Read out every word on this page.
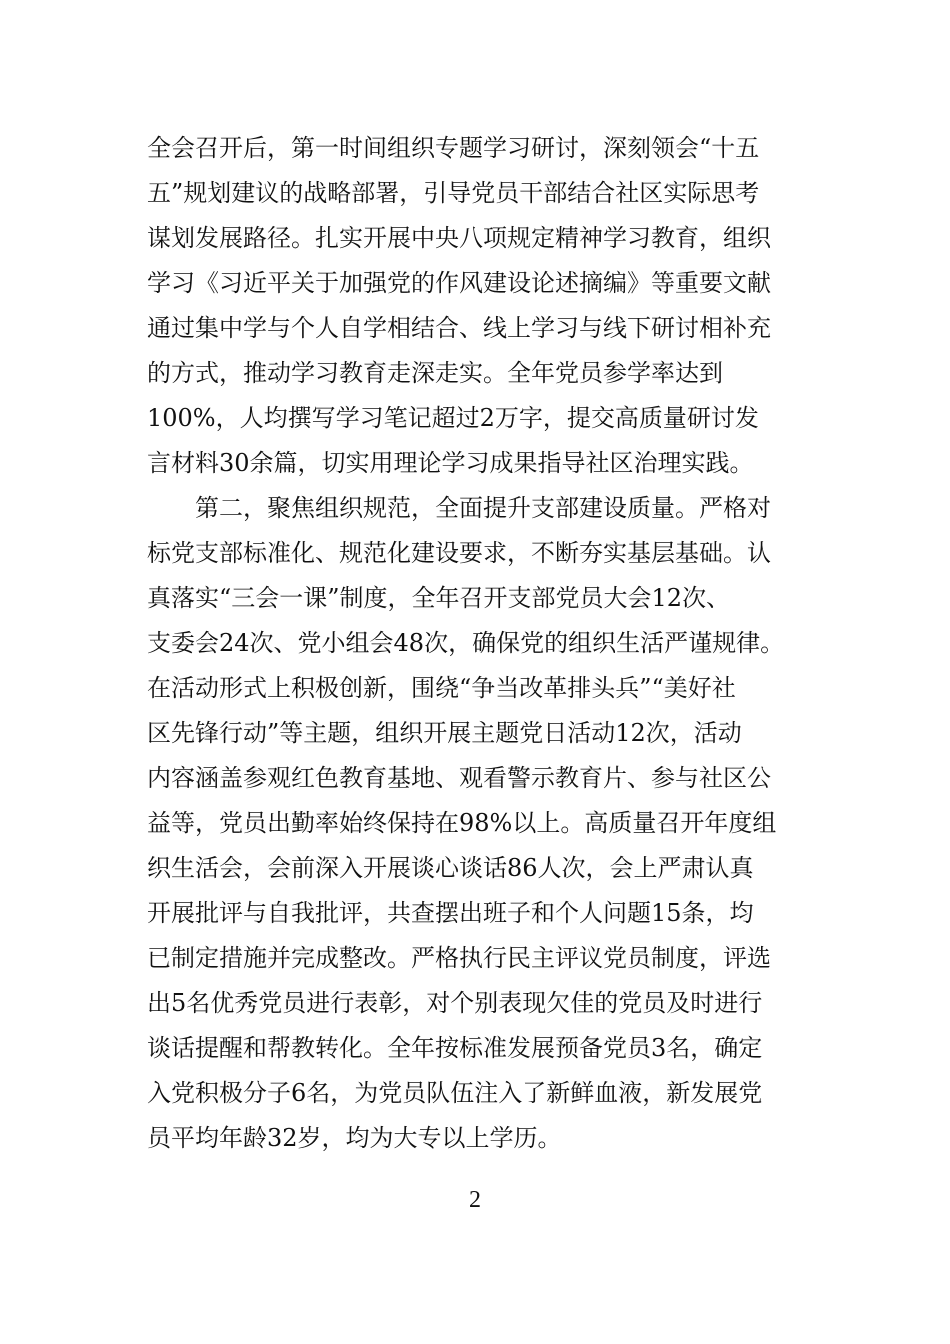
全会召开后，第一时间组织专题学习研讨，深刻领会“十五
五”规划建议的战略部署，引导党员干部结合社区实际思考
谋划发展路径。扎实开展中央八项规定精神学习教育，组织
学习《习近平关于加强党的作风建设论述摘编》等重要文献
通过集中学与个人自学相结合、线上学习与线下研讨相补充
的方式，推动学习教育走深走实。全年党员参学率达到
100%，人均撰写学习笔记超过2万字，提交高质量研讨发
言材料30余篇，切实用理论学习成果指导社区治理实践。
第二，聚焦组织规范，全面提升支部建设质量。严格对
标党支部标准化、规范化建设要求，不断夯实基层基础。认
真落实“三会一课”制度，全年召开支部党员大会12次、
支委会24次、党小组会48次，确保党的组织生活严谨规律。
在活动形式上积极创新，围绕“争当改革排头兵”“美好社
区先锋行动”等主题，组织开展主题党日活动12次，活动
内容涵盖参观红色教育基地、观看警示教育片、参与社区公
益等，党员出勤率始终保持在98%以上。高质量召开年度组
织生活会，会前深入开展谈心谈话86人次，会上严肃认真
开展批评与自我批评，共查摆出班子和个人问题15条，均
已制定措施并完成整改。严格执行民主评议党员制度，评选
出5名优秀党员进行表彰，对个别表现欠佳的党员及时进行
谈话提醒和帮教转化。全年按标准发展预备党员3名，确定
入党积极分子6名，为党员队伍注入了新鲜血液，新发展党
员平均年龄32岁，均为大专以上学历。
2
